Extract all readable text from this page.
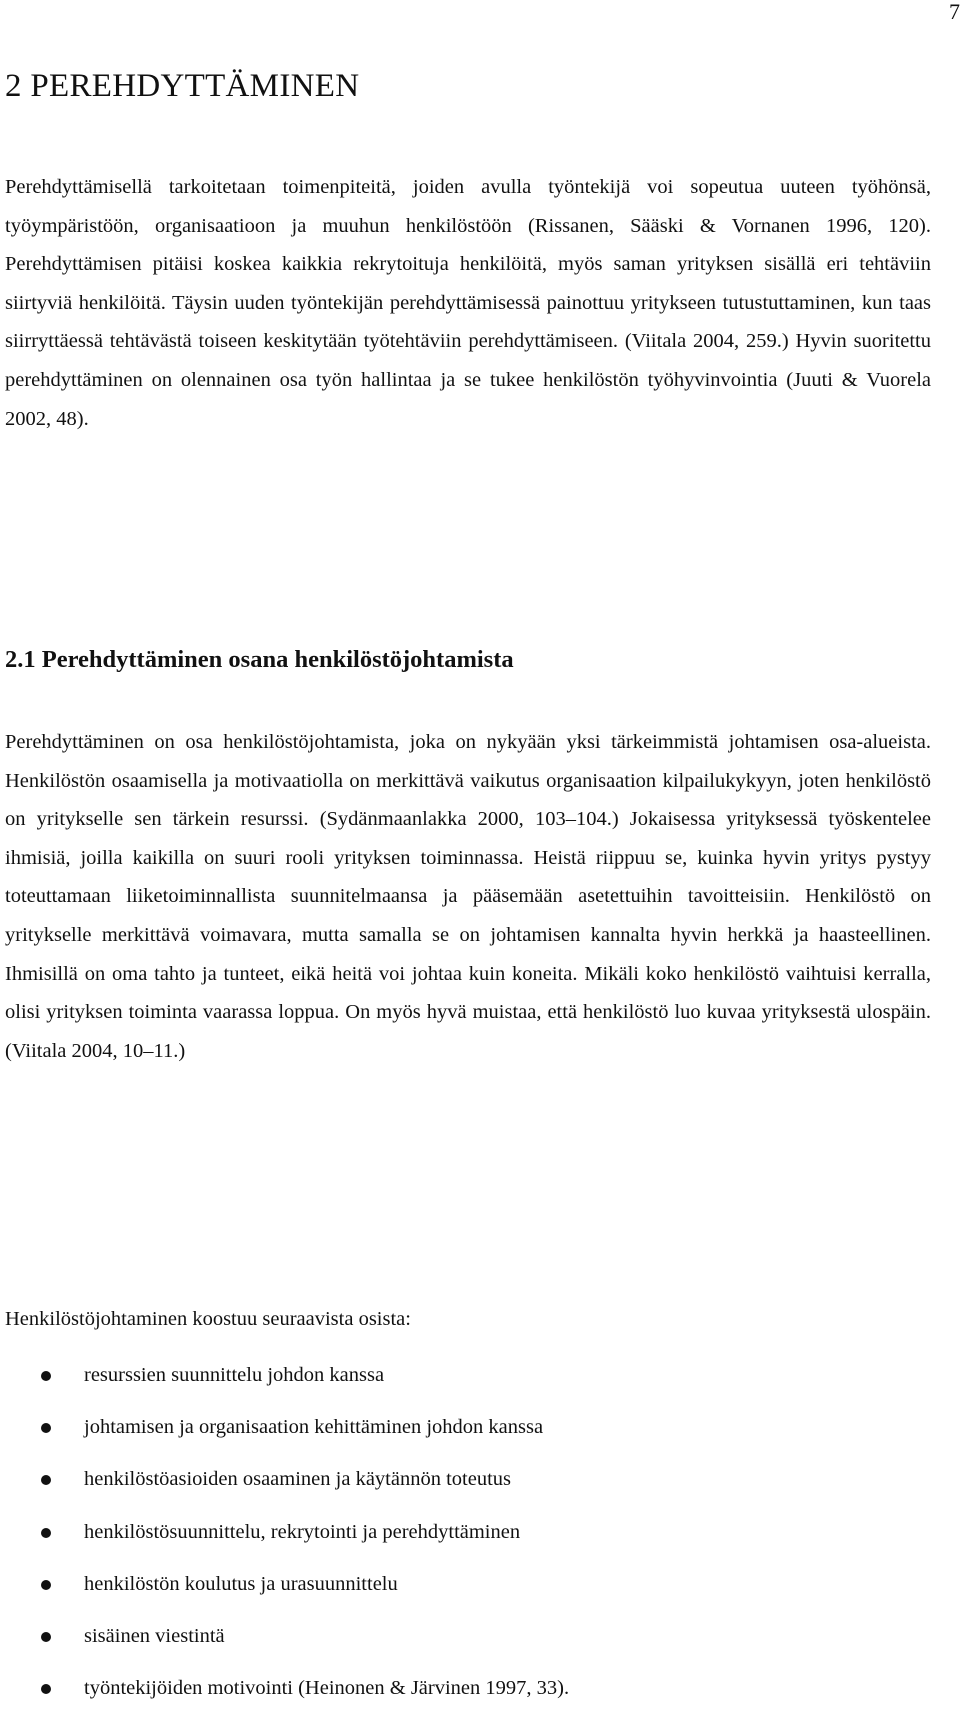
7
2 PEREHDYTTÄMINEN

Perehdyttämisellä tarkoitetaan toimenpiteitä, joiden avulla työntekijä voi sopeutua uuteen työhönsä, työympäristöön, organisaatioon ja muuhun henkilöstöön (Rissanen, Sääski & Vornanen 1996, 120). Perehdyttämisen pitäisi koskea kaikkia rekrytoituja henkilöitä, myös saman yrityksen sisällä eri tehtäviin siirtyviä henkilöitä. Täysin uuden työntekijän perehdyttämisessä painottuu yritykseen tutustuttaminen, kun taas siirryttäessä tehtävästä toiseen keskitytään työtehtäviin perehdyttämiseen. (Viitala 2004, 259.) Hyvin suoritettu perehdyttäminen on olennainen osa työn hallintaa ja se tukee henkilöstön työhyvinvointia (Juuti & Vuorela 2002, 48).

2.1 Perehdyttäminen osana henkilöstöjohtamista

Perehdyttäminen on osa henkilöstöjohtamista, joka on nykyään yksi tärkeimmistä johtamisen osa-alueista. Henkilöstön osaamisella ja motivaatiolla on merkittävä vaikutus organisaation kilpailukykyyn, joten henkilöstö on yritykselle sen tärkein resurssi. (Sydänmaanlakka 2000, 103–104.) Jokaisessa yrityksessä työskentelee ihmisiä, joilla kaikilla on suuri rooli yrityksen toiminnassa. Heistä riippuu se, kuinka hyvin yritys pystyy toteuttamaan liiketoiminnallista suunnitelmaansa ja pääsemään asetettuihin tavoitteisiin. Henkilöstö on yritykselle merkittävä voimavara, mutta samalla se on johtamisen kannalta hyvin herkkä ja haasteellinen. Ihmisillä on oma tahto ja tunteet, eikä heitä voi johtaa kuin koneita. Mikäli koko henkilöstö vaihtuisi kerralla, olisi yrityksen toiminta vaarassa loppua. On myös hyvä muistaa, että henkilöstö luo kuvaa yrityksestä ulospäin. (Viitala 2004, 10–11.)

Henkilöstöjohtaminen koostuu seuraavista osista:

resurssien suunnittelu johdon kanssa
johtamisen ja organisaation kehittäminen johdon kanssa
henkilöstöasioiden osaaminen ja käytännön toteutus
henkilöstösuunnittelu, rekrytointi ja perehdyttäminen
henkilöstön koulutus ja urasuunnittelu
sisäinen viestintä
työntekijöiden motivointi (Heinonen & Järvinen 1997, 33).
